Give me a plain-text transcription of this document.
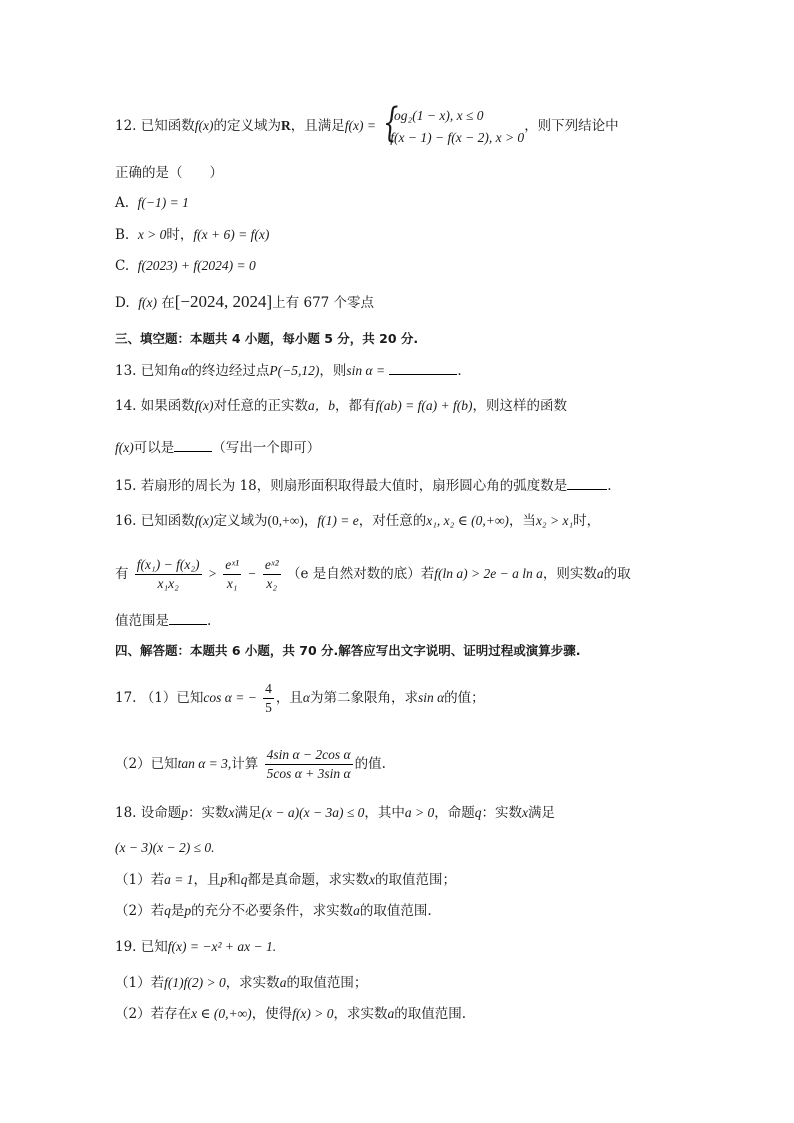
12. 已知函数f(x)的定义域为R，且满足f(x) = {
log₂(1 − x), x ≤ 0
f(x − 1) − f(x − 2), x > 0
，则下列结论中
正确的是（　　）
A. f(−1) = 1
B. x > 0时，f(x + 6) = f(x)
C. f(2023) + f(2024) = 0
D. f(x) 在[−2024, 2024]上有 677 个零点
三、填空题：本题共 4 小题，每小题 5 分，共 20 分.
13. 已知角α的终边经过点P(−5,12)，则sin α =	.
14. 如果函数f(x)对任意的正实数a，b，都有f(ab) = f(a) + f(b)，则这样的函数
f(x)可以是	（写出一个即可）
15. 若扇形的周长为 18，则扇形面积取得最大值时，扇形圆心角的弧度数是	.
16. 已知函数f(x)定义域为(0,+∞)，f(1) = e，对任意的x₁, x₂ ∈ (0,+∞)，当x₂ > x₁时，
有 $\frac{\text{f(x₁) − f(x₂)}}{\text{x₁x₂}} > \frac{\text{eˣ¹}}{\text{x₁}} - \frac{\text{eˣ²}}{\text{x₂}} (e$ 是自然对数的底）若f(ln a) > 2e − a ln a，则实数a的取
值范围是	.
四、解答题：本题共 6 小题，共 70 分.解答应写出文字说明、证明过程或演算步骤.
17. （1）已知cos α = − $\frac{4}{5}$ ，且α为第二象限角，求sin α的值；
（2）已知tan α = 3,计算 $\frac{\text{4sin α − 2cos α}}{\text{5cos α + 3sin α}}$ 的值.
18. 设命题p：实数x满足(x − a)(x − 3a) ≤ 0，其中a > 0，命题q：实数x满足
(x − 3)(x − 2) ≤ 0.
（1）若a = 1，且p和q都是真命题，求实数x的取值范围；
（2）若q是p的充分不必要条件，求实数a的取值范围.
19. 已知f(x) = −x² + ax − 1.
（1）若f(1)f(2) > 0，求实数a的取值范围；
（2）若存在x ∈ (0,+∞)，使得f(x) > 0，求实数a的取值范围.
